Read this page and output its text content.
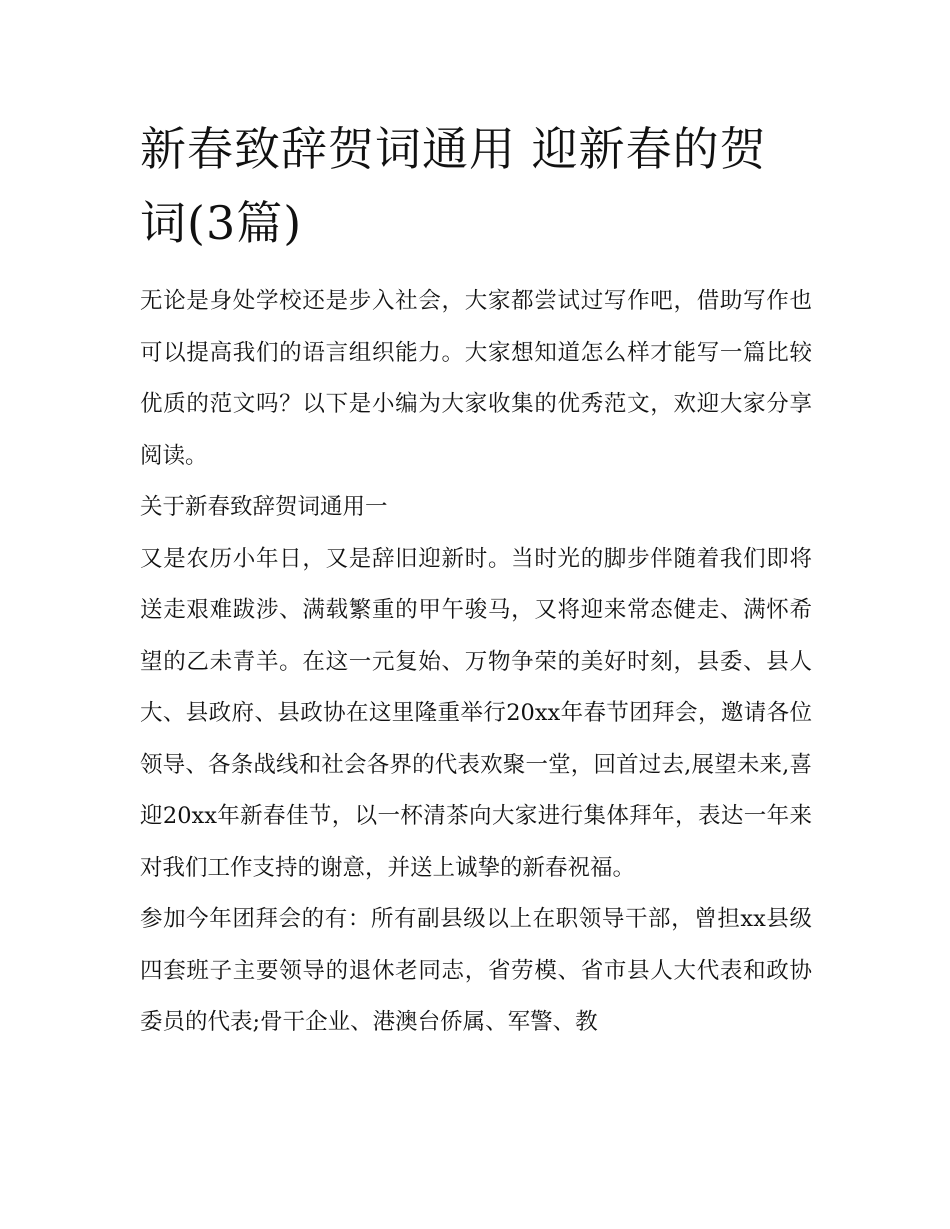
新春致辞贺词通用 迎新春的贺词(3篇)

无论是身处学校还是步入社会，大家都尝试过写作吧，借助写作也可以提高我们的语言组织能力。大家想知道怎么样才能写一篇比较优质的范文吗？以下是小编为大家收集的优秀范文，欢迎大家分享阅读。

关于新春致辞贺词通用一

又是农历小年日，又是辞旧迎新时。当时光的脚步伴随着我们即将送走艰难跋涉、满载繁重的甲午骏马，又将迎来常态健走、满怀希望的乙未青羊。在这一元复始、万物争荣的美好时刻，县委、县人大、县政府、县政协在这里隆重举行20xx年春节团拜会，邀请各位领导、各条战线和社会各界的代表欢聚一堂，回首过去,展望未来,喜迎20xx年新春佳节，以一杯清茶向大家进行集体拜年，表达一年来对我们工作支持的谢意，并送上诚挚的新春祝福。

参加今年团拜会的有：所有副县级以上在职领导干部，曾担xx县级四套班子主要领导的退休老同志，省劳模、省市县人大代表和政协委员的代表;骨干企业、港澳台侨属、军警、教
